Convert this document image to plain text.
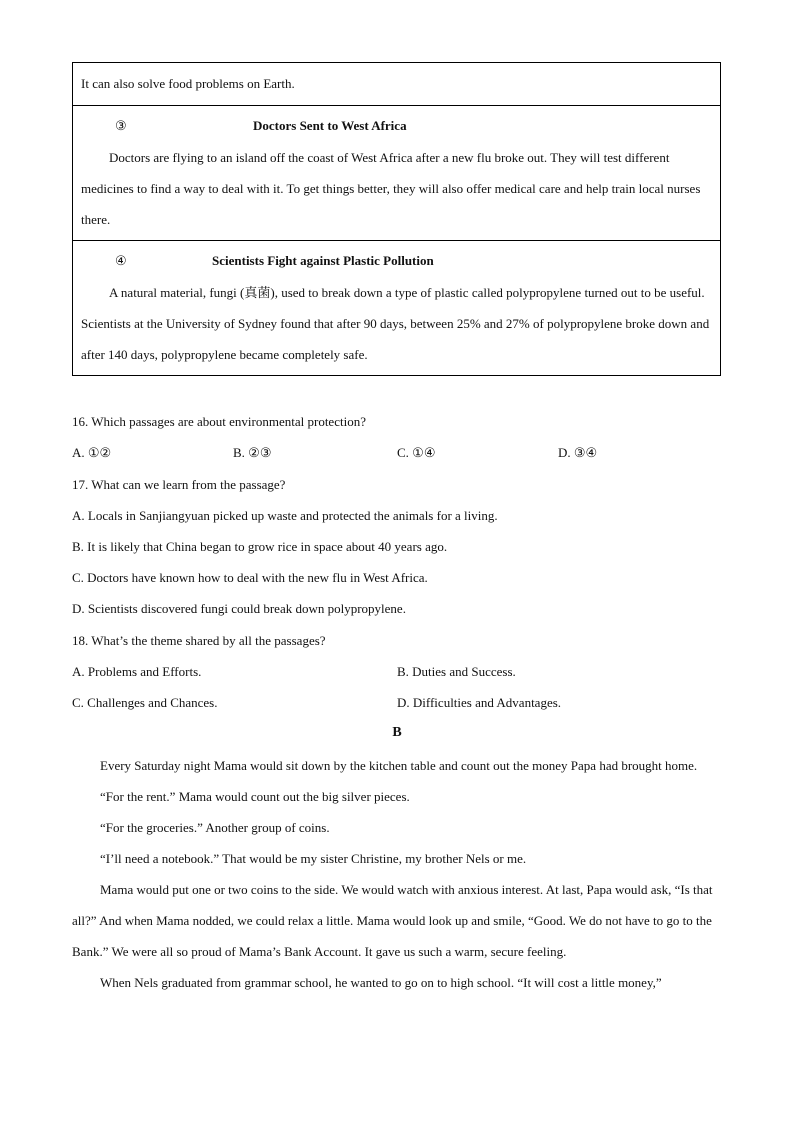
It can also solve food problems on Earth.
③	Doctors Sent to West Africa
Doctors are flying to an island off the coast of West Africa after a new flu broke out. They will test different medicines to find a way to deal with it. To get things better, they will also offer medical care and help train local nurses there.
④	Scientists Fight against Plastic Pollution
A natural material, fungi (真菌), used to break down a type of plastic called polypropylene turned out to be useful. Scientists at the University of Sydney found that after 90 days, between 25% and 27% of polypropylene broke down and after 140 days, polypropylene became completely safe.
16. Which passages are about environmental protection?
A. ①②	B. ②③	C. ①④	D. ③④
17. What can we learn from the passage?
A. Locals in Sanjiangyuan picked up waste and protected the animals for a living.
B. It is likely that China began to grow rice in space about 40 years ago.
C. Doctors have known how to deal with the new flu in West Africa.
D. Scientists discovered fungi could break down polypropylene.
18. What’s the theme shared by all the passages?
A. Problems and Efforts.	B. Duties and Success.
C. Challenges and Chances.	D. Difficulties and Advantages.
B
Every Saturday night Mama would sit down by the kitchen table and count out the money Papa had brought home.
“For the rent.” Mama would count out the big silver pieces.
“For the groceries.” Another group of coins.
“I’ll need a notebook.” That would be my sister Christine, my brother Nels or me.
Mama would put one or two coins to the side. We would watch with anxious interest. At last, Papa would ask, “Is that all?” And when Mama nodded, we could relax a little. Mama would look up and smile, “Good. We do not have to go to the Bank.” We were all so proud of Mama’s Bank Account. It gave us such a warm, secure feeling.
When Nels graduated from grammar school, he wanted to go on to high school. “It will cost a little money,”
